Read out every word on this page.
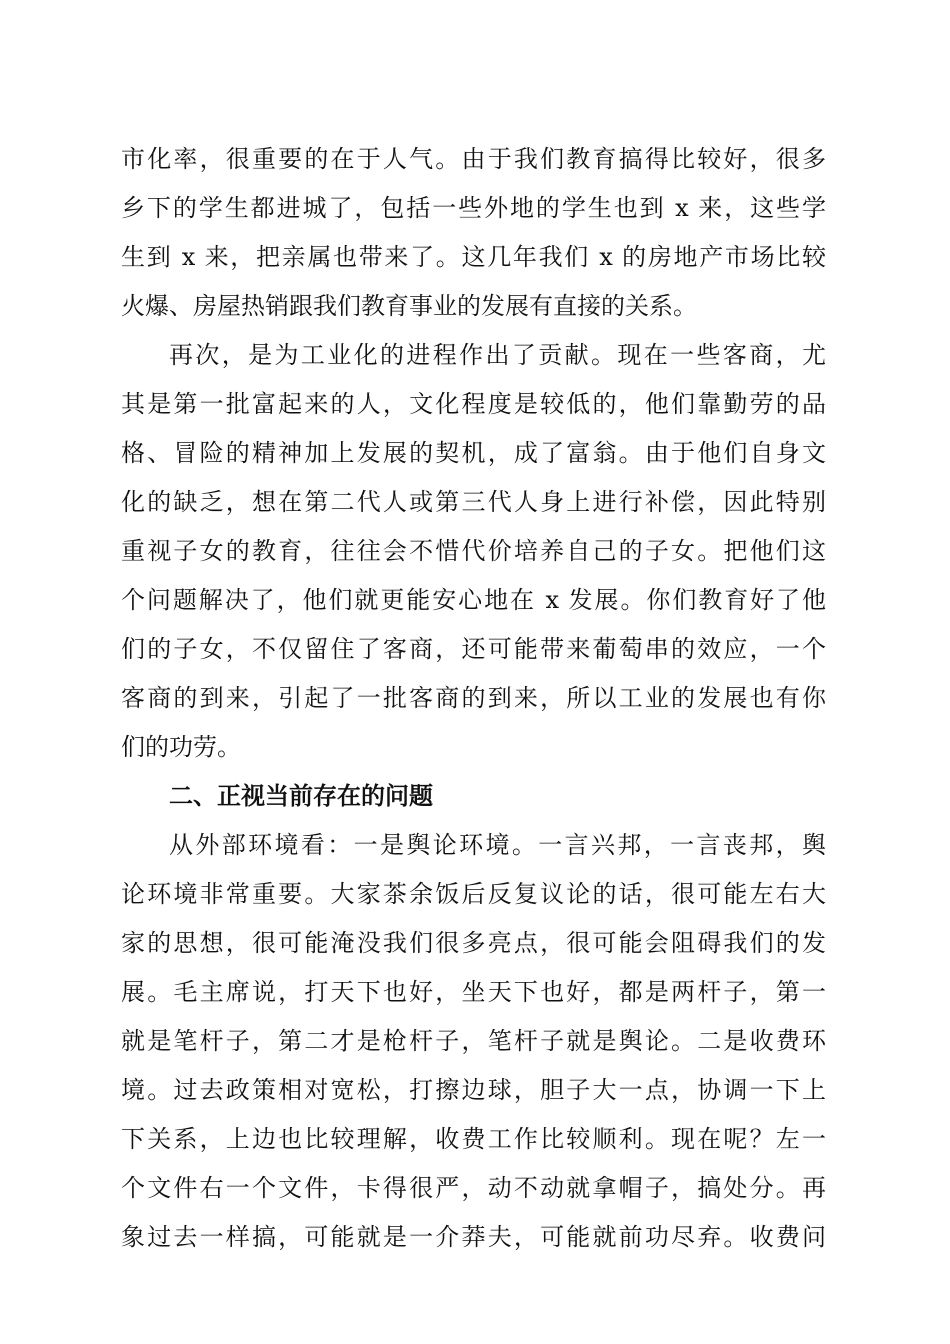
市化率，很重要的在于人气。由于我们教育搞得比较好，很多
乡下的学生都进城了，包括一些外地的学生也到 x 来，这些学
生到 x 来，把亲属也带来了。这几年我们 x 的房地产市场比较
火爆、房屋热销跟我们教育事业的发展有直接的关系。
再次，是为工业化的进程作出了贡献。现在一些客商，尤
其是第一批富起来的人，文化程度是较低的，他们靠勤劳的品
格、冒险的精神加上发展的契机，成了富翁。由于他们自身文
化的缺乏，想在第二代人或第三代人身上进行补偿，因此特别
重视子女的教育，往往会不惜代价培养自己的子女。把他们这
个问题解决了，他们就更能安心地在 x 发展。你们教育好了他
们的子女，不仅留住了客商，还可能带来葡萄串的效应，一个
客商的到来，引起了一批客商的到来，所以工业的发展也有你
们的功劳。
二、正视当前存在的问题
从外部环境看：一是舆论环境。一言兴邦，一言丧邦，舆
论环境非常重要。大家茶余饭后反复议论的话，很可能左右大
家的思想，很可能淹没我们很多亮点，很可能会阻碍我们的发
展。毛主席说，打天下也好，坐天下也好，都是两杆子，第一
就是笔杆子，第二才是枪杆子，笔杆子就是舆论。二是收费环
境。过去政策相对宽松，打擦边球，胆子大一点，协调一下上
下关系，上边也比较理解，收费工作比较顺利。现在呢？左一
个文件右一个文件，卡得很严，动不动就拿帽子，搞处分。再
象过去一样搞，可能就是一介莽夫，可能就前功尽弃。收费问
